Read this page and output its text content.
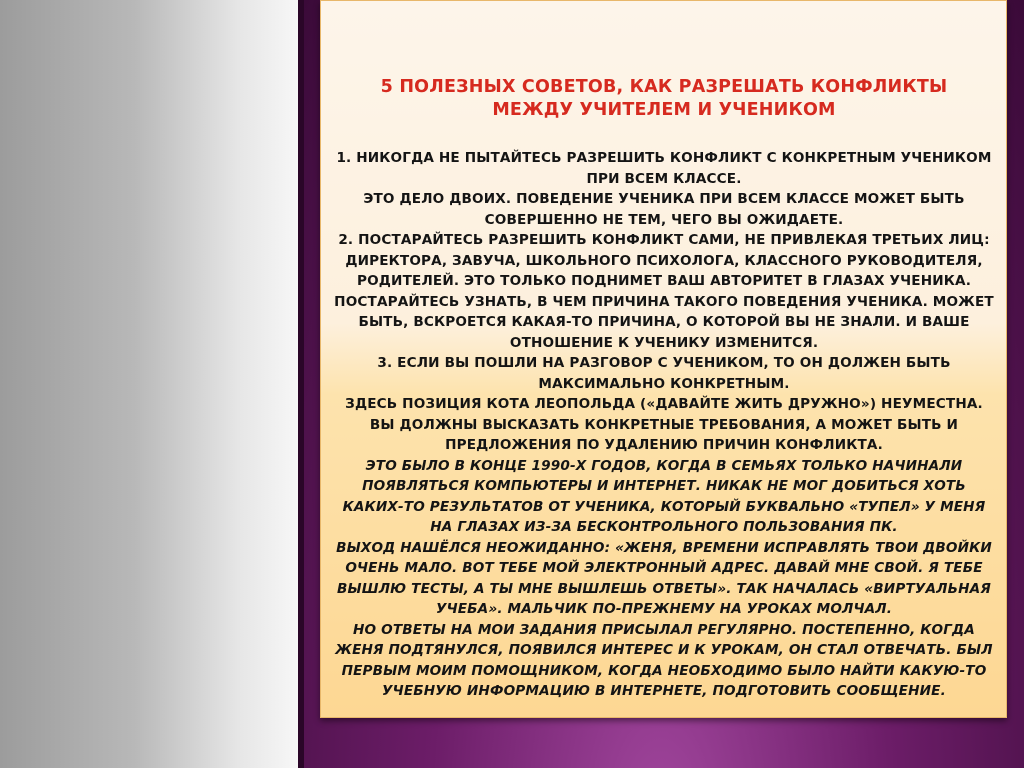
5 ПОЛЕЗНЫХ СОВЕТОВ, КАК РАЗРЕШАТЬ КОНФЛИКТЫ
МЕЖДУ УЧИТЕЛЕМ И УЧЕНИКОМ
1. НИКОГДА НЕ ПЫТАЙТЕСЬ РАЗРЕШИТЬ КОНФЛИКТ С КОНКРЕТНЫМ УЧЕНИКОМ
ПРИ ВСЕМ КЛАССЕ.
ЭТО ДЕЛО ДВОИХ. ПОВЕДЕНИЕ УЧЕНИКА ПРИ ВСЕМ КЛАССЕ МОЖЕТ БЫТЬ
СОВЕРШЕННО НЕ ТЕМ, ЧЕГО ВЫ ОЖИДАЕТЕ.
2. ПОСТАРАЙТЕСЬ РАЗРЕШИТЬ КОНФЛИКТ САМИ, НЕ ПРИВЛЕКАЯ ТРЕТЬИХ ЛИЦ:
ДИРЕКТОРА, ЗАВУЧА, ШКОЛЬНОГО ПСИХОЛОГА, КЛАССНОГО РУКОВОДИТЕЛЯ,
РОДИТЕЛЕЙ. ЭТО ТОЛЬКО ПОДНИМЕТ ВАШ АВТОРИТЕТ В ГЛАЗАХ УЧЕНИКА.
ПОСТАРАЙТЕСЬ УЗНАТЬ, В ЧЕМ ПРИЧИНА ТАКОГО ПОВЕДЕНИЯ УЧЕНИКА. МОЖЕТ
БЫТЬ, ВСКРОЕТСЯ КАКАЯ-ТО ПРИЧИНА, О КОТОРОЙ ВЫ НЕ ЗНАЛИ. И ВАШЕ
ОТНОШЕНИЕ К УЧЕНИКУ ИЗМЕНИТСЯ.
3. ЕСЛИ ВЫ ПОШЛИ НА РАЗГОВОР С УЧЕНИКОМ, ТО ОН ДОЛЖЕН БЫТЬ
МАКСИМАЛЬНО КОНКРЕТНЫМ.
ЗДЕСЬ ПОЗИЦИЯ КОТА ЛЕОПОЛЬДА («ДАВАЙТЕ ЖИТЬ ДРУЖНО») НЕУМЕСТНА.
ВЫ ДОЛЖНЫ ВЫСКАЗАТЬ КОНКРЕТНЫЕ ТРЕБОВАНИЯ, А МОЖЕТ БЫТЬ И
ПРЕДЛОЖЕНИЯ ПО УДАЛЕНИЮ ПРИЧИН КОНФЛИКТА.
ЭТО БЫЛО В КОНЦЕ 1990-Х ГОДОВ, КОГДА В СЕМЬЯХ ТОЛЬКО НАЧИНАЛИ
ПОЯВЛЯТЬСЯ КОМПЬЮТЕРЫ И ИНТЕРНЕТ. НИКАК НЕ МОГ ДОБИТЬСЯ ХОТЬ
КАКИХ-ТО РЕЗУЛЬТАТОВ ОТ УЧЕНИКА, КОТОРЫЙ БУКВАЛЬНО «ТУПЕЛ» У МЕНЯ
НА ГЛАЗАХ ИЗ-ЗА БЕСКОНТРОЛЬНОГО ПОЛЬЗОВАНИЯ ПК.
ВЫХОД НАШЁЛСЯ НЕОЖИДАННО: «ЖЕНЯ, ВРЕМЕНИ ИСПРАВЛЯТЬ ТВОИ ДВОЙКИ
ОЧЕНЬ МАЛО. ВОТ ТЕБЕ МОЙ ЭЛЕКТРОННЫЙ АДРЕС. ДАВАЙ МНЕ СВОЙ. Я ТЕБЕ
ВЫШЛЮ ТЕСТЫ, А ТЫ МНЕ ВЫШЛЕШЬ ОТВЕТЫ». ТАК НАЧАЛАСЬ «ВИРТУАЛЬНАЯ
УЧЕБА». МАЛЬЧИК ПО-ПРЕЖНЕМУ НА УРОКАХ МОЛЧАЛ.
НО ОТВЕТЫ НА МОИ ЗАДАНИЯ ПРИСЫЛАЛ РЕГУЛЯРНО. ПОСТЕПЕННО, КОГДА
ЖЕНЯ ПОДТЯНУЛСЯ, ПОЯВИЛСЯ ИНТЕРЕС И К УРОКАМ, ОН СТАЛ ОТВЕЧАТЬ. БЫЛ
ПЕРВЫМ МОИМ ПОМОЩНИКОМ, КОГДА НЕОБХОДИМО БЫЛО НАЙТИ КАКУЮ-ТО
УЧЕБНУЮ ИНФОРМАЦИЮ В ИНТЕРНЕТЕ, ПОДГОТОВИТЬ СООБЩЕНИЕ.
